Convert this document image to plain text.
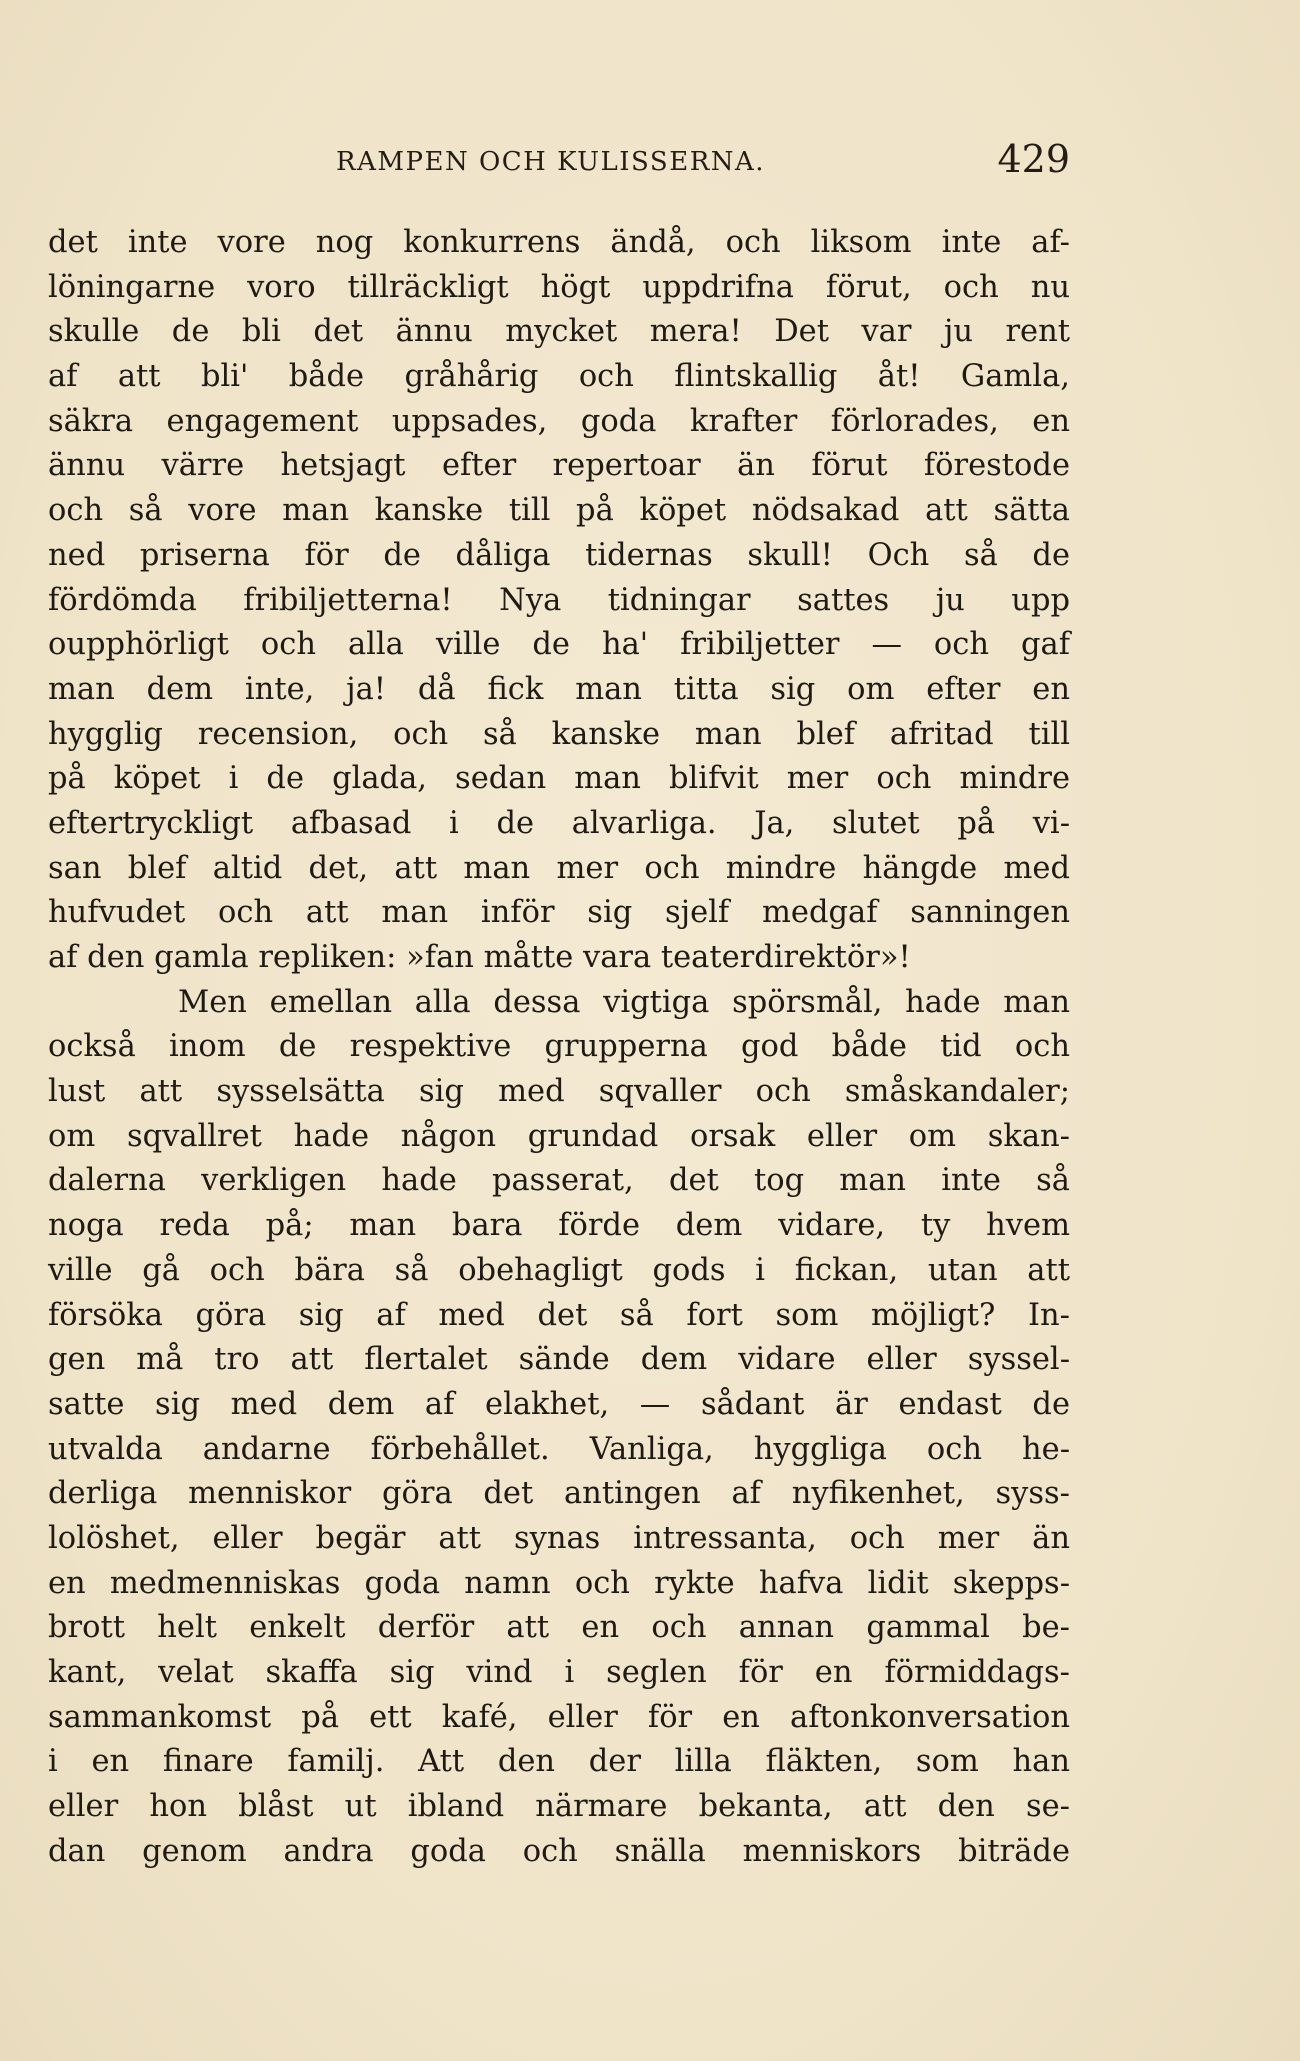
RAMPEN OCH KULISSERNA.	429
det inte vore nog konkurrens ändå, och liksom inte af-
löningarne voro tillräckligt högt uppdrifna förut, och nu
skulle de bli det ännu mycket mera! Det var ju rent
af att bli' både gråhårig och flintskallig åt! Gamla,
säkra engagement uppsades, goda krafter förlorades, en
ännu värre hetsjagt efter repertoar än förut förestode
och så vore man kanske till på köpet nödsakad att sätta
ned priserna för de dåliga tidernas skull! Och så de
fördömda fribiljetterna! Nya tidningar sattes ju upp
oupphörligt och alla ville de ha' fribiljetter — och gaf
man dem inte, ja! då fick man titta sig om efter en
hygglig recension, och så kanske man blef afritad till
på köpet i de glada, sedan man blifvit mer och mindre
eftertryckligt afbasad i de alvarliga. Ja, slutet på vi-
san blef altid det, att man mer och mindre hängde med
hufvudet och att man inför sig sjelf medgaf sanningen
af den gamla repliken: »fan måtte vara teaterdirektör»!
Men emellan alla dessa vigtiga spörsmål, hade man
också inom de respektive grupperna god både tid och
lust att sysselsätta sig med sqvaller och småskandaler;
om sqvallret hade någon grundad orsak eller om skan-
dalerna verkligen hade passerat, det tog man inte så
noga reda på; man bara förde dem vidare, ty hvem
ville gå och bära så obehagligt gods i fickan, utan att
försöka göra sig af med det så fort som möjligt? In-
gen må tro att flertalet sände dem vidare eller syssel-
satte sig med dem af elakhet, — sådant är endast de
utvalda andarne förbehållet. Vanliga, hyggliga och he-
derliga menniskor göra det antingen af nyfikenhet, syss-
lolöshet, eller begär att synas intressanta, och mer än
en medmenniskas goda namn och rykte hafva lidit skepps-
brott helt enkelt derför att en och annan gammal be-
kant, velat skaffa sig vind i seglen för en förmiddags-
sammankomst på ett kafé, eller för en aftonkonversation
i en finare familj. Att den der lilla fläkten, som han
eller hon blåst ut ibland närmare bekanta, att den se-
dan genom andra goda och snälla menniskors biträde
